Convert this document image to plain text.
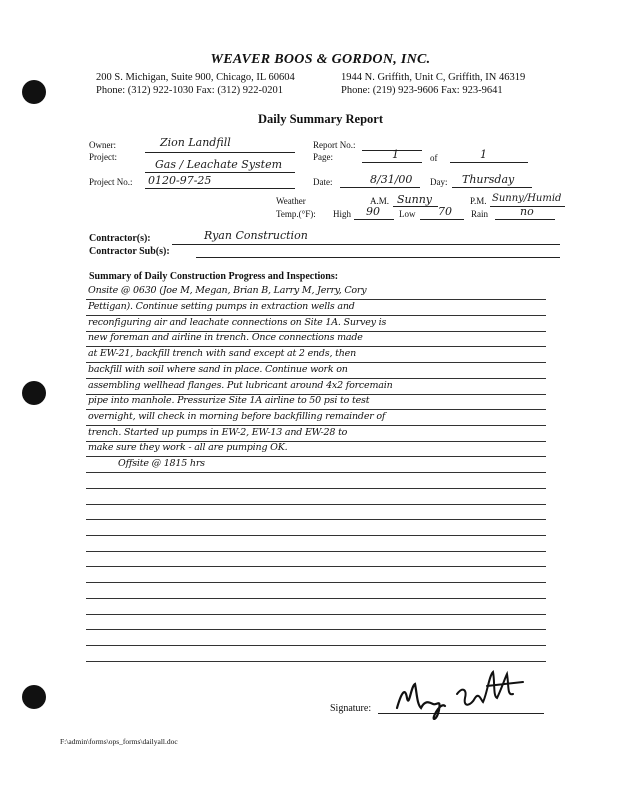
WEAVER BOOS & GORDON, INC.
200 S. Michigan, Suite 900, Chicago, IL 60604
Phone: (312) 922-1030 Fax: (312) 922-0201
1944 N. Griffith, Unit C, Griffith, IN 46319
Phone: (219) 923-9606 Fax: 923-9641
Daily Summary Report
Owner:	Zion Landfill
Project:
Gas / Leachate System
Project No.: 0120-97-25
Report No.:
Page:	1	of	1
Date:	8/31/00 Day: Thursday
Weather	A.M. Sunny	P.M. Sunny/Humid
Temp.(°F): High 90 Low 70 Rain	no
Contractor(s):	Ryan Construction
Contractor Sub(s):
Summary of Daily Construction Progress and Inspections:
Onsite @ 0630 (Joe M, Megan, Brian B, Larry M, Jerry, Cory
Pettigan). Continue setting pumps in extraction wells and
reconfiguring air and leachate connections on Site 1A. Survey is
new foreman and airline in trench. Once connections made
at EW-21, backfill trench with sand except at 2 ends, then
backfill with soil where sand in place. Continue work on
assembling wellhead flanges. Put lubricant around 4x2 forcemain
pipe into manhole. Pressurize Site 1A airline to 50 psi to test
overnight, will check in morning before backfilling remainder of
trench. Started up pumps in EW-2, EW-13 and EW-28 to
make sure they work - all are pumping OK.
Offsite @ 1815 hrs
Signature:
F:\admin\forms\ops_forms\dailyall.doc
